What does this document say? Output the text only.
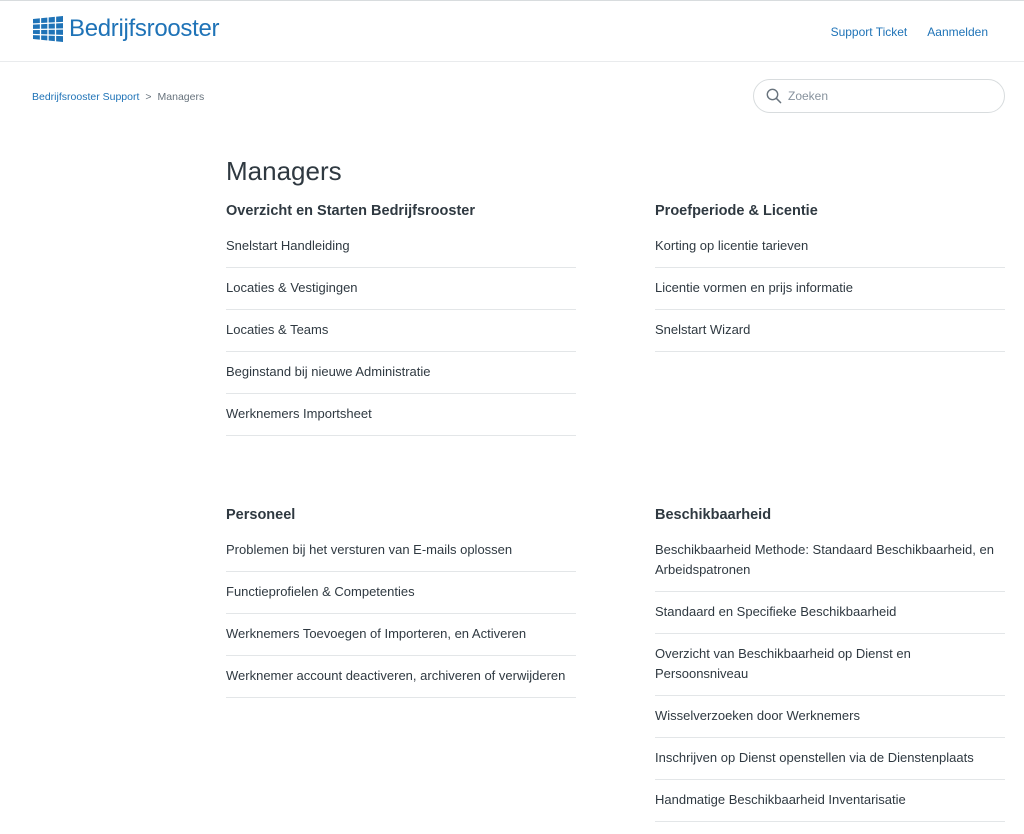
Bedrijfsrooster	Support Ticket Aanmelden
Bedrijfsrooster Support > Managers
Zoeken
Managers
Overzicht en Starten Bedrijfsrooster
Snelstart Handleiding
Locaties & Vestigingen
Locaties & Teams
Beginstand bij nieuwe Administratie
Werknemers Importsheet
Proefperiode & Licentie
Korting op licentie tarieven
Licentie vormen en prijs informatie
Snelstart Wizard
Personeel
Problemen bij het versturen van E-mails oplossen
Functieprofielen & Competenties
Werknemers Toevoegen of Importeren, en Activeren
Werknemer account deactiveren, archiveren of verwijderen
Beschikbaarheid
Beschikbaarheid Methode: Standaard Beschikbaarheid, en Arbeidspatronen
Standaard en Specifieke Beschikbaarheid
Overzicht van Beschikbaarheid op Dienst en Persoonsniveau
Wisselverzoeken door Werknemers
Inschrijven op Dienst openstellen via de Dienstenplaats
Handmatige Beschikbaarheid Inventarisatie
